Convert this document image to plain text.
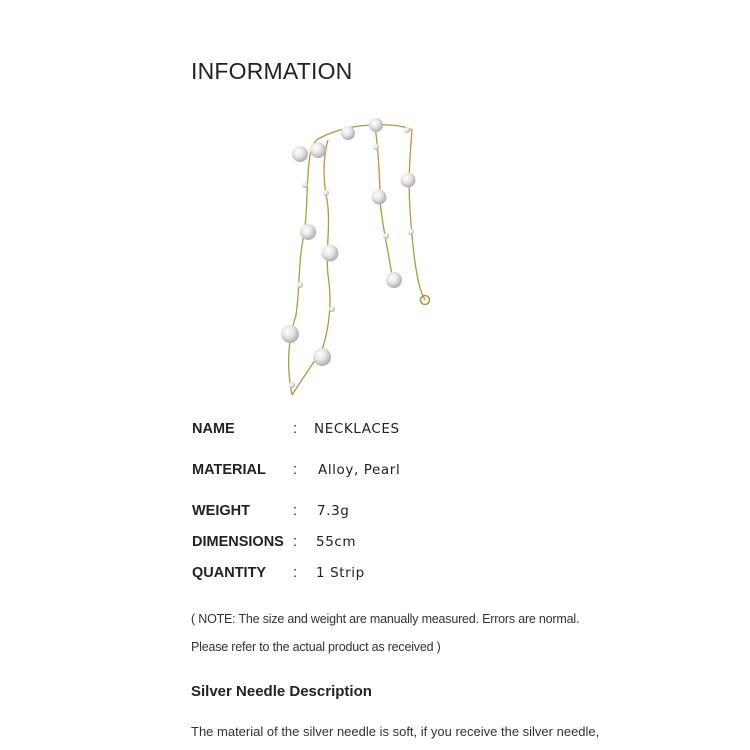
INFORMATION
NAME	: NECKLACES
MATERIAL : Alloy, Pearl
WEIGHT	: 7.3g
DIMENSIONS : 55cm
QUANTITY : 1 Strip
( NOTE: The size and weight are manually measured. Errors are normal.
Please refer to the actual product as received )
Silver Needle Description
The material of the silver needle is soft, if you receive the silver needle,
